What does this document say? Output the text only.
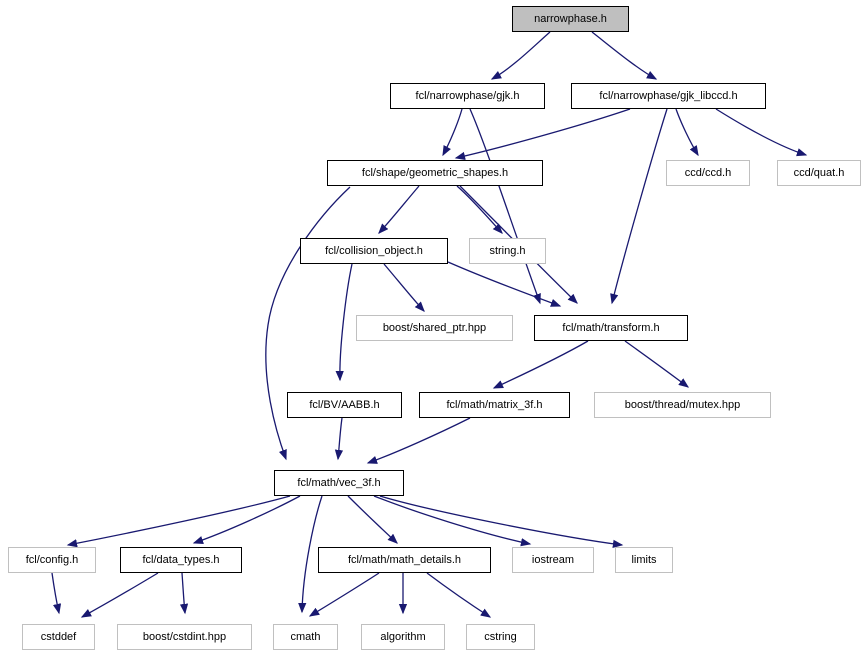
narrowphase.h
fcl/narrowphase/gjk.h	fcl/narrowphase/gjk_libccd.h
ccd/ccd.h	ccd/quat.h
fcl/shape/geometric_shapes.h
fcl/collision_object.h	string.h
boost/shared_ptr.hpp	fcl/math/transform.h
fcl/BV/AABB.h	fcl/math/matrix_3f.h	boost/thread/mutex.hpp
fcl/math/vec_3f.h
fcl/config.h	fcl/data_types.h	fcl/math/math_details.h	iostream	limits
cstddef	boost/cstdint.hpp	cmath	algorithm	cstring
